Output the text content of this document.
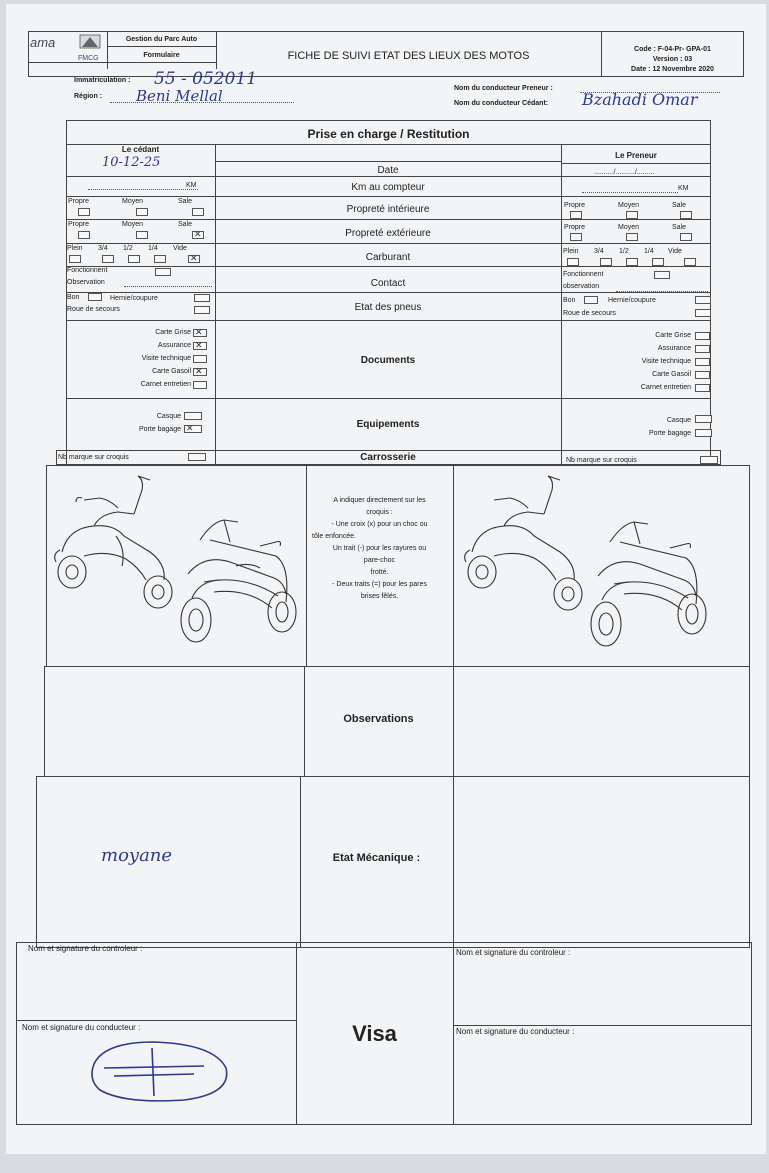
ama
FMCG
Gestion du Parc Auto
Formulaire	FICHE DE SUIVI ETAT DES LIEUX DES MOTOS
Code : F-04-Pr- GPA-01
Version : 03
Date : 12 Novembre 2020
Immatriculation : 55 - 052011
Région : Beni Mellal	Nom du conducteur Preneur :
Nom du conducteur Cédant: Bzahadi Omar
Prise en charge / Restitution
Le cédant
Le Preneur
10-12-25
Date	........../........../.........
KM	Km au compteur	KM
Propre	Moyen	Sale
Propreté intérieure	Propre	Moyen	Sale
Propre	Moyen	Sale
✕
Propreté extérieure
Propre	Moyen	Sale
Plein 3/4 1/2 1/4 Vide
✕
Carburant
Plein 3/4 1/2 1/4 Vide
Fonctionnent
Observation	Contact
Fonctionnent
observation
Bon	Hernie/coupure
Roue de secours	Etat des pneus
Bon	Hernie/coupure
Roue de secours
Carte Grise
Assurance
Visite technique
Carte Gasoil
Carnet entretien
✕
✕
✕
Documents
Carte Grise
Assurance
Visite technique
Carte Gasoil
Carnet entretien
Casque
Porte bagage
✕	Equipements	Casque
Porte bagage
Nb marque sur croquis	Carrosserie	Nb marque sur croquis
A indiquer directement sur les
croquis :
- Une croix (x) pour un choc ou
tôle enfoncée.
Un trait (-) pour les rayures ou
pare-choc
frotté.
- Deux traits (=) pour les pares
brises fêlés.
Observations
Etat Mécanique :
moyane
Nom et signature du controleur :	Nom et signature du controleur :
Nom et signature du conducteur :	Nom et signature du conducteur :
Visa
